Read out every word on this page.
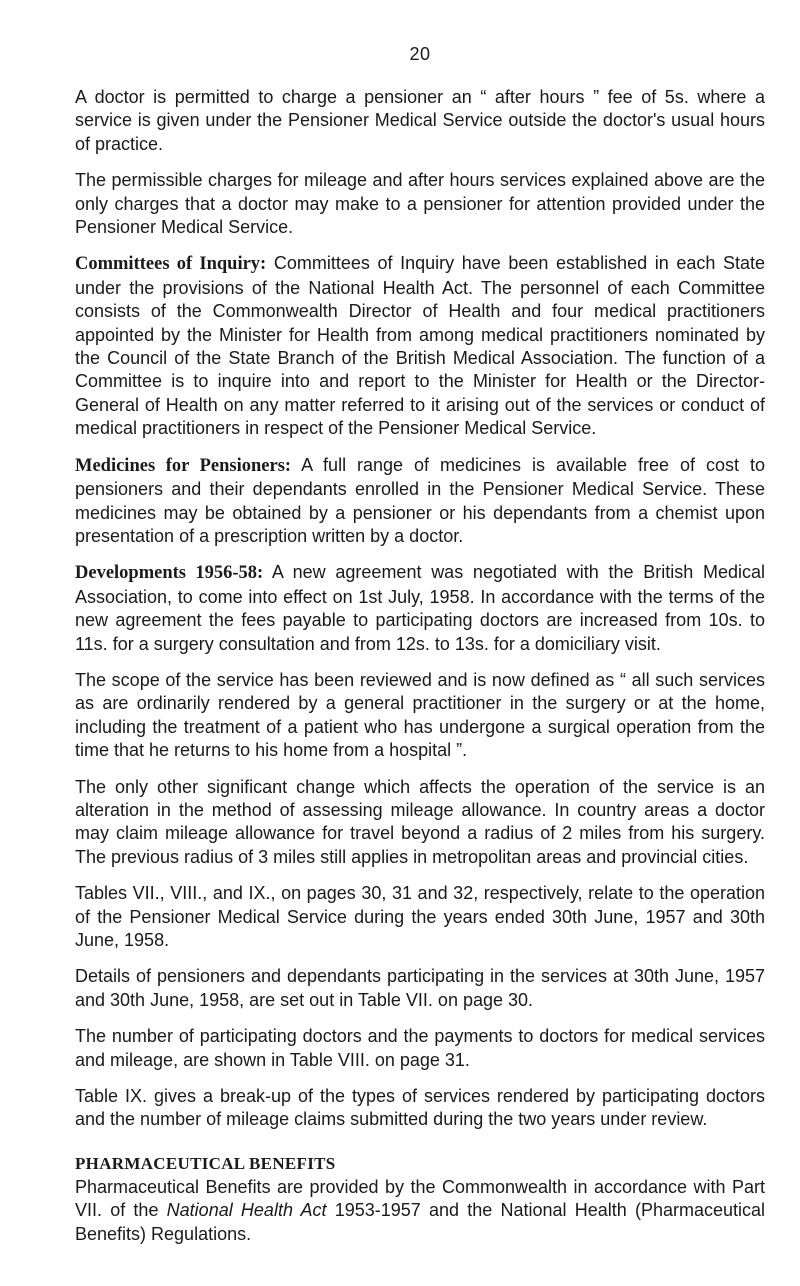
20

A doctor is permitted to charge a pensioner an “ after hours ” fee of 5s. where a service is given under the Pensioner Medical Service outside the doctor's usual hours of practice.

The permissible charges for mileage and after hours services explained above are the only charges that a doctor may make to a pensioner for attention provided under the Pensioner Medical Service.

Committees of Inquiry: Committees of Inquiry have been established in each State under the provisions of the National Health Act. The personnel of each Committee consists of the Commonwealth Director of Health and four medical practitioners appointed by the Minister for Health from among medical practitioners nominated by the Council of the State Branch of the British Medical Association. The function of a Committee is to inquire into and report to the Minister for Health or the Director-General of Health on any matter referred to it arising out of the services or conduct of medical practitioners in respect of the Pensioner Medical Service.

Medicines for Pensioners: A full range of medicines is available free of cost to pensioners and their dependants enrolled in the Pensioner Medical Service. These medicines may be obtained by a pensioner or his dependants from a chemist upon presentation of a prescription written by a doctor.

Developments 1956-58: A new agreement was negotiated with the British Medical Association, to come into effect on 1st July, 1958. In accordance with the terms of the new agreement the fees payable to participating doctors are increased from 10s. to 11s. for a surgery consultation and from 12s. to 13s. for a domiciliary visit.

The scope of the service has been reviewed and is now defined as “ all such services as are ordinarily rendered by a general practitioner in the surgery or at the home, including the treatment of a patient who has undergone a surgical operation from the time that he returns to his home from a hospital ”.

The only other significant change which affects the operation of the service is an alteration in the method of assessing mileage allowance. In country areas a doctor may claim mileage allowance for travel beyond a radius of 2 miles from his surgery. The previous radius of 3 miles still applies in metropolitan areas and provincial cities.

Tables VII., VIII., and IX., on pages 30, 31 and 32, respectively, relate to the operation of the Pensioner Medical Service during the years ended 30th June, 1957 and 30th June, 1958.

Details of pensioners and dependants participating in the services at 30th June, 1957 and 30th June, 1958, are set out in Table VII. on page 30.

The number of participating doctors and the payments to doctors for medical services and mileage, are shown in Table VIII. on page 31.

Table IX. gives a break-up of the types of services rendered by participating doctors and the number of mileage claims submitted during the two years under review.

PHARMACEUTICAL BENEFITS

Pharmaceutical Benefits are provided by the Commonwealth in accordance with Part VII. of the National Health Act 1953-1957 and the National Health (Pharmaceutical Benefits) Regulations.
